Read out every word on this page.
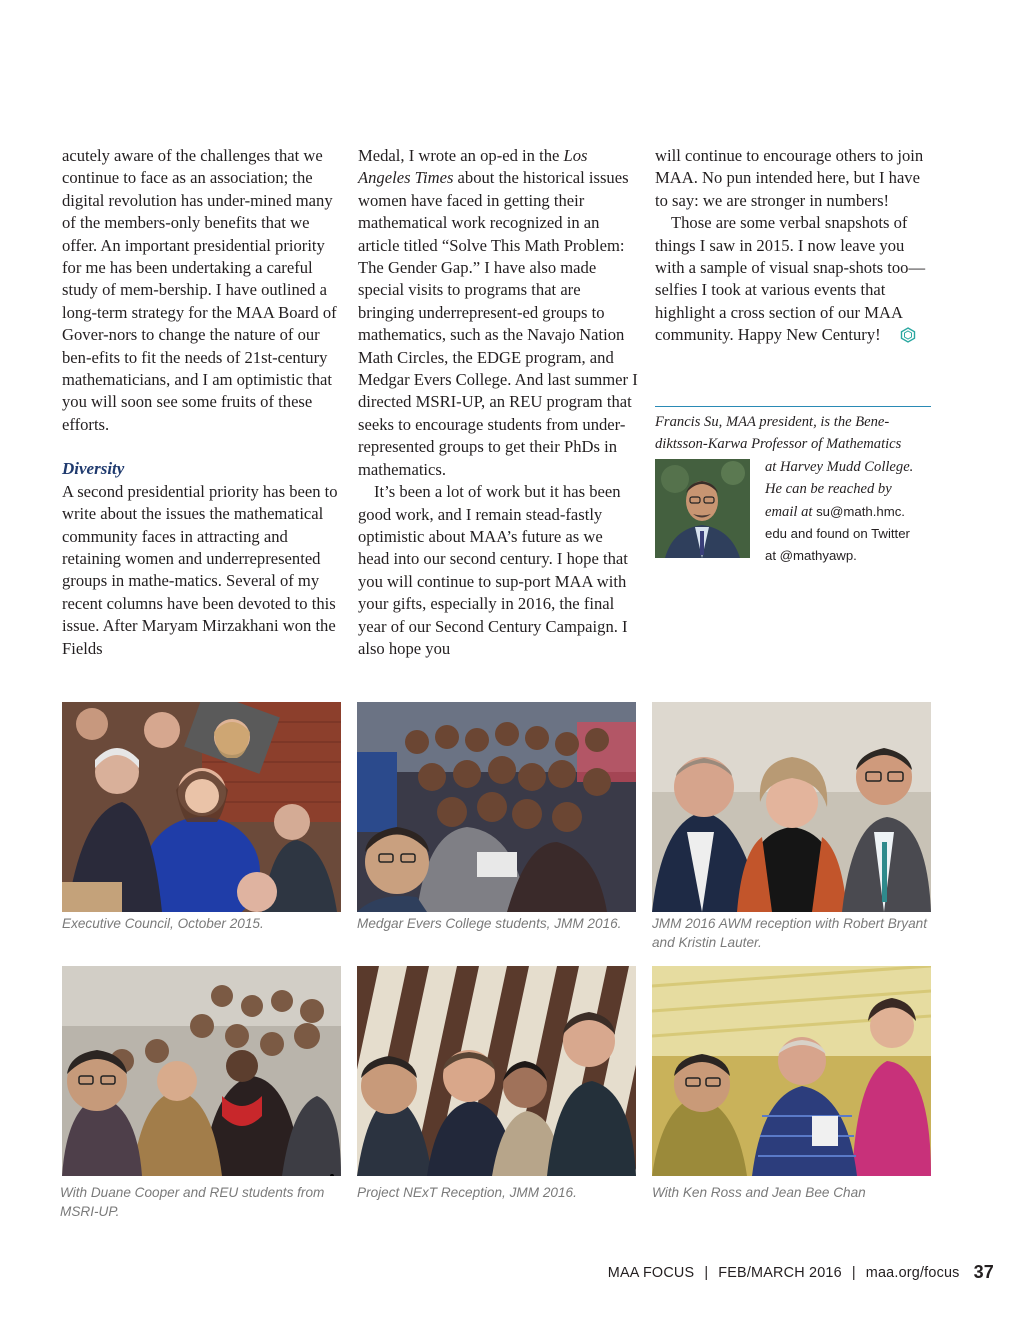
acutely aware of the challenges that we continue to face as an association; the digital revolution has under-mined many of the members-only benefits that we offer. An important presidential priority for me has been undertaking a careful study of mem-bership. I have outlined a long-term strategy for the MAA Board of Gover-nors to change the nature of our ben-efits to fit the needs of 21st-century mathematicians, and I am optimistic that you will soon see some fruits of these efforts.

Diversity

A second presidential priority has been to write about the issues the mathematical community faces in attracting and retaining women and underrepresented groups in mathe-matics. Several of my recent columns have been devoted to this issue. After Maryam Mirzakhani won the Fields

Medal, I wrote an op-ed in the Los Angeles Times about the historical issues women have faced in getting their mathematical work recognized in an article titled “Solve This Math Problem: The Gender Gap.” I have also made special visits to programs that are bringing underrepresent-ed groups to mathematics, such as the Navajo Nation Math Circles, the EDGE program, and Medgar Evers College. And last summer I directed MSRI-UP, an REU program that seeks to encourage students from under-represented groups to get their PhDs in mathematics.

It’s been a lot of work but it has been good work, and I remain stead-fastly optimistic about MAA’s future as we head into our second century. I hope that you will continue to sup-port MAA with your gifts, especially in 2016, the final year of our Second Century Campaign. I also hope you

will continue to encourage others to join MAA. No pun intended here, but I have to say: we are stronger in numbers!

Those are some verbal snapshots of things I saw in 2015. I now leave you with a sample of visual snap-shots too—selfies I took at various events that highlight a cross section of our MAA community. Happy New Century!

Francis Su, MAA president, is the Bene-
diktsson-Karwa Professor of Mathematics
at Harvey Mudd College.
He can be reached by
email at su@math.hmc.
edu and found on Twitter
at @mathyawp.
Executive Council, October 2015.	Medgar Evers College students, JMM 2016.	JMM 2016 AWM reception with Robert Bryant and Kristin Lauter.
With Duane Cooper and REU students from MSRI-UP.
Project NExT Reception, JMM 2016.	With Ken Ross and Jean Bee Chan
MAA FOCUS | FEB/MARCH 2016 | maa.org/focus 37
